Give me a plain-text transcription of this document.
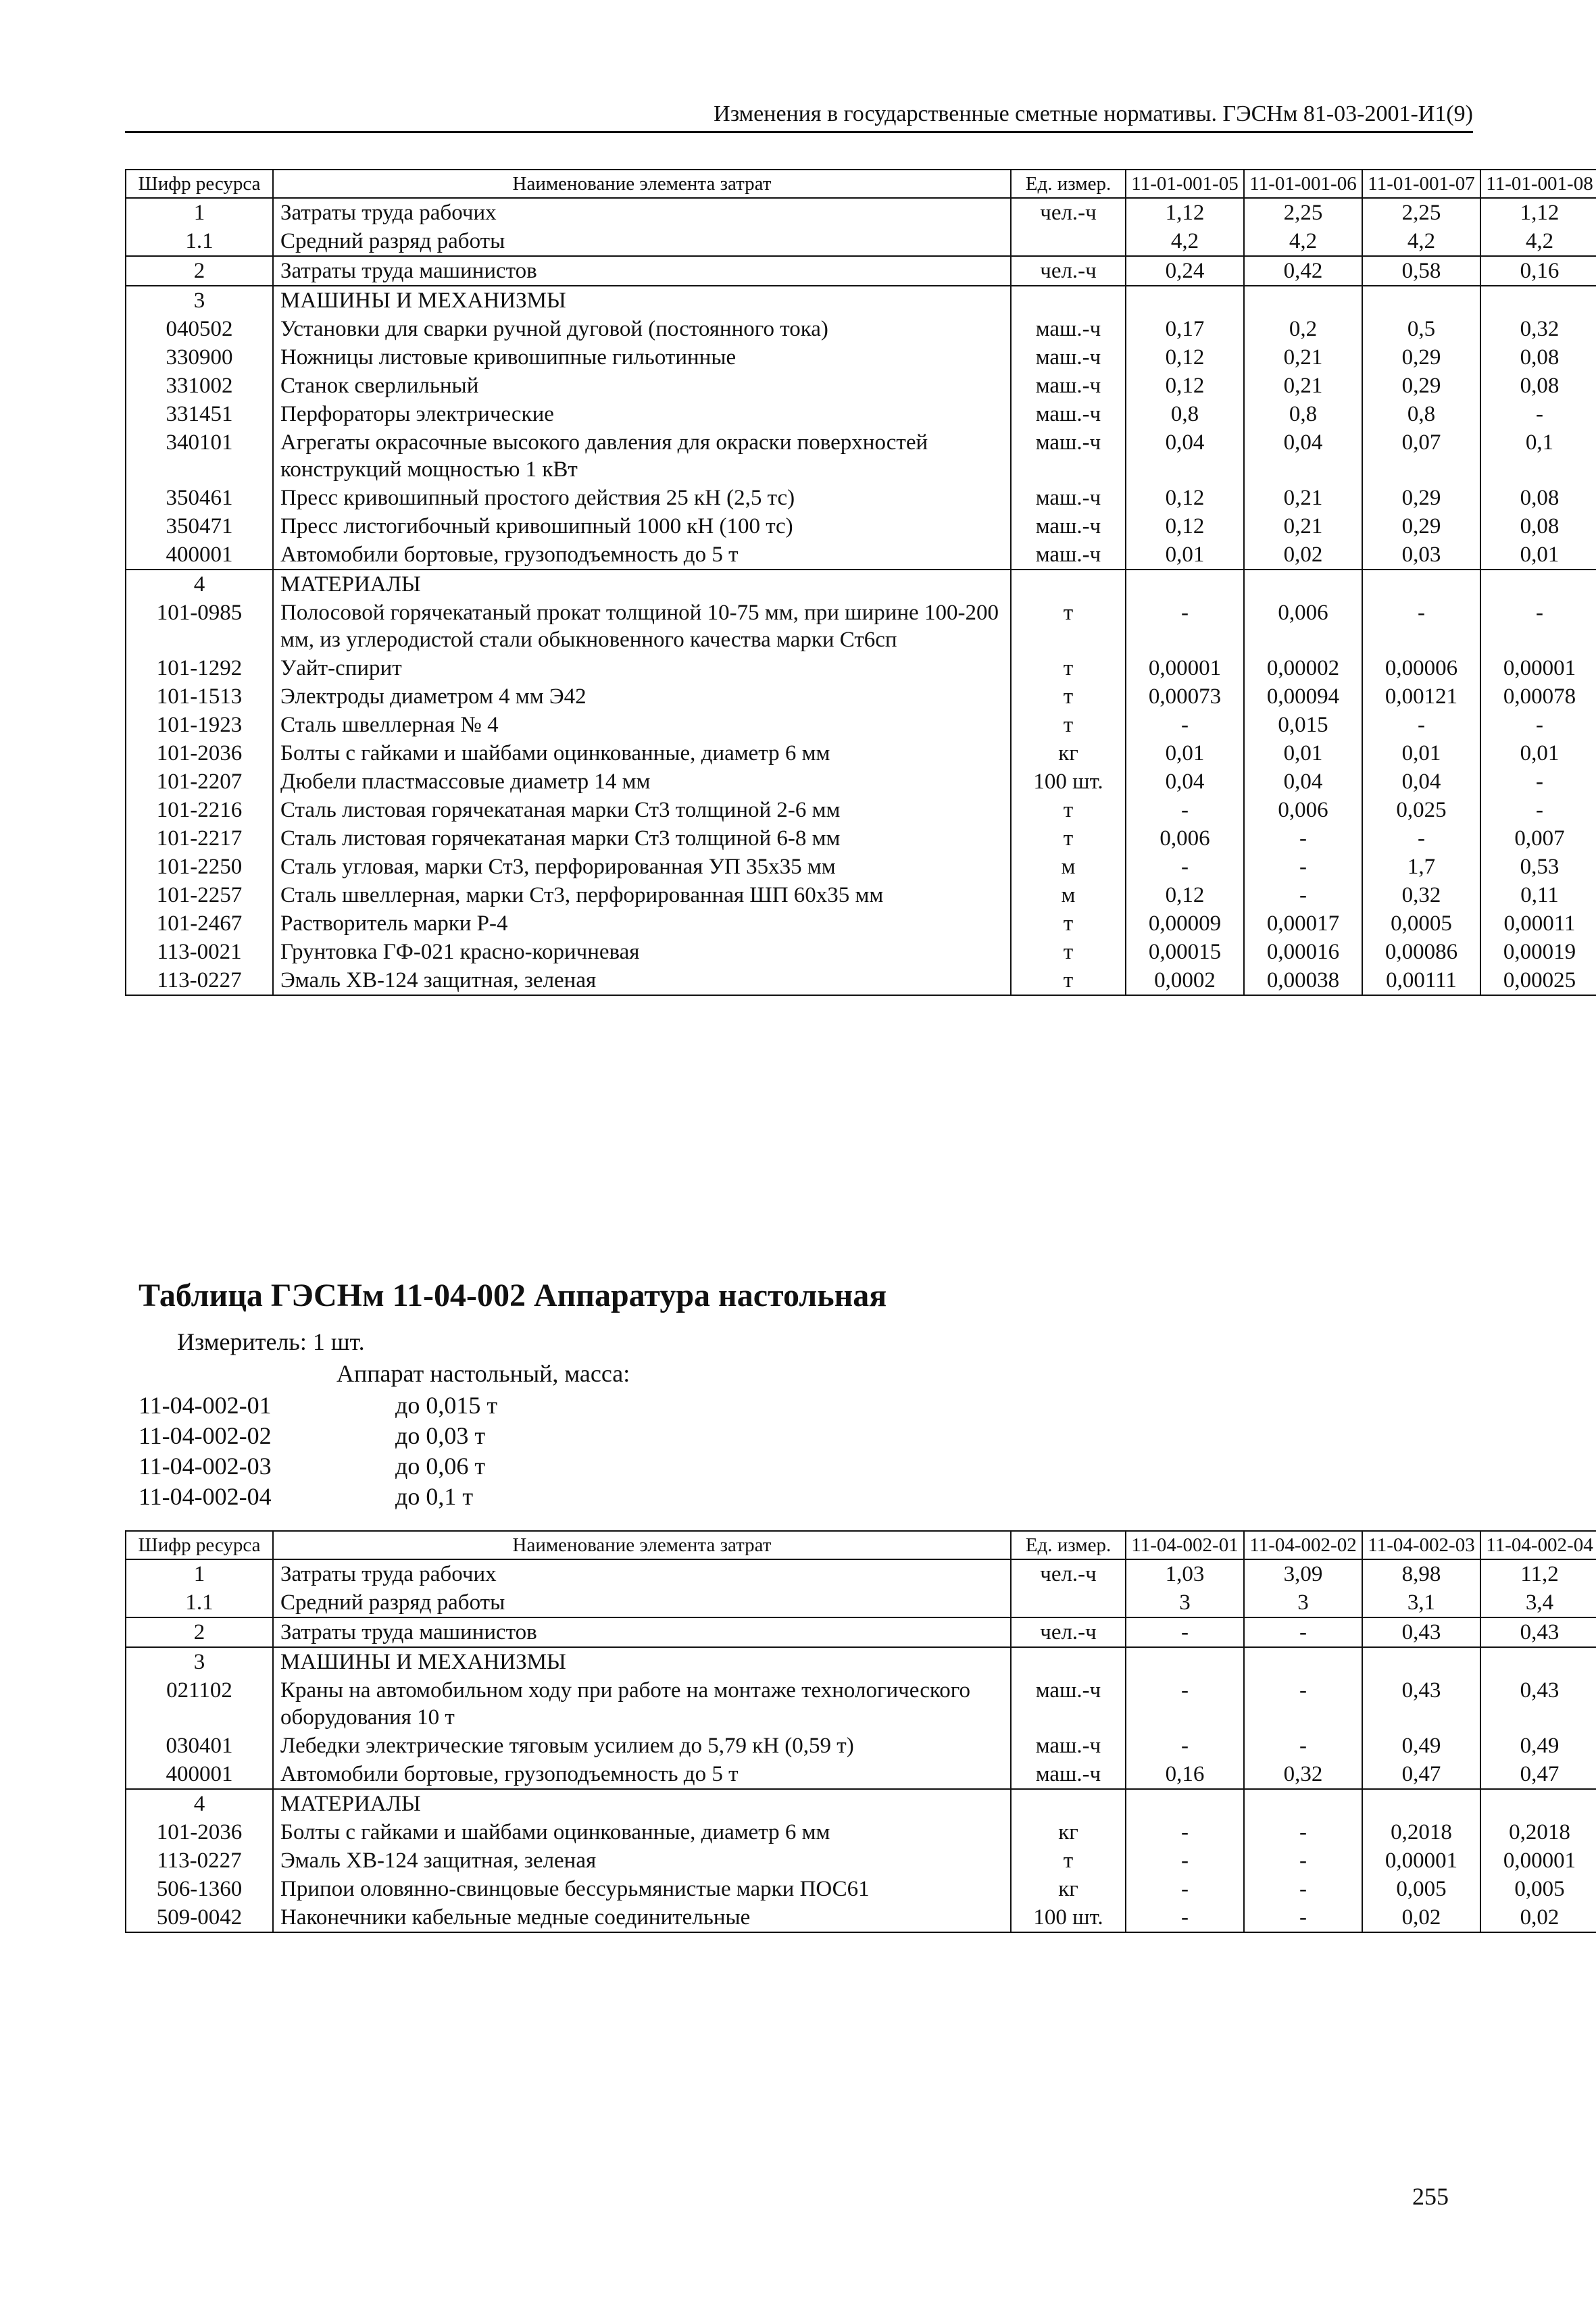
Изменения в государственные сметные нормативы. ГЭСНм 81-03-2001-И1(9)
Шифр ресурса	Наименование элемента затрат	Ед. измер.	11-01-001-05	11-01-001-06	11-01-001-07	11-01-001-08
1	Затраты труда рабочих	чел.-ч	1,12	2,25	2,25	1,12
1.1	Средний разряд работы		4,2	4,2	4,2	4,2
2	Затраты труда машинистов	чел.-ч	0,24	0,42	0,58	0,16
3	МАШИНЫ И МЕХАНИЗМЫ					
040502	Установки для сварки ручной дуговой (постоянного тока)	маш.-ч	0,17	0,2	0,5	0,32
330900	Ножницы листовые кривошипные гильотинные	маш.-ч	0,12	0,21	0,29	0,08
331002	Станок сверлильный	маш.-ч	0,12	0,21	0,29	0,08
331451	Перфораторы электрические	маш.-ч	0,8	0,8	0,8	-
340101	Агрегаты окрасочные высокого давления для окраски поверхностей конструкций мощностью 1 кВт	маш.-ч	0,04	0,04	0,07	0,1
350461	Пресс кривошипный простого действия 25 кН (2,5 тс)	маш.-ч	0,12	0,21	0,29	0,08
350471	Пресс листогибочный кривошипный 1000 кН (100 тс)	маш.-ч	0,12	0,21	0,29	0,08
400001	Автомобили бортовые, грузоподъемность до 5 т	маш.-ч	0,01	0,02	0,03	0,01
4	МАТЕРИАЛЫ					
101-0985	Полосовой горячекатаный прокат толщиной 10-75 мм, при ширине 100-200 мм, из углеродистой стали обыкновенного качества марки Ст6сп	т	-	0,006	-	-
101-1292	Уайт-спирит	т	0,00001	0,00002	0,00006	0,00001
101-1513	Электроды диаметром 4 мм Э42	т	0,00073	0,00094	0,00121	0,00078
101-1923	Сталь швеллерная № 4	т	-	0,015	-	-
101-2036	Болты с гайками и шайбами оцинкованные, диаметр 6 мм	кг	0,01	0,01	0,01	0,01
101-2207	Дюбели пластмассовые диаметр 14 мм	100 шт.	0,04	0,04	0,04	-
101-2216	Сталь листовая горячекатаная марки Ст3 толщиной 2-6 мм	т	-	0,006	0,025	-
101-2217	Сталь листовая горячекатаная марки Ст3 толщиной 6-8 мм	т	0,006	-	-	0,007
101-2250	Сталь угловая, марки Ст3, перфорированная УП 35х35 мм	м	-	-	1,7	0,53
101-2257	Сталь швеллерная, марки Ст3, перфорированная ШП 60х35 мм	м	0,12	-	0,32	0,11
101-2467	Растворитель марки Р-4	т	0,00009	0,00017	0,0005	0,00011
113-0021	Грунтовка ГФ-021 красно-коричневая	т	0,00015	0,00016	0,00086	0,00019
113-0227	Эмаль ХВ-124 защитная, зеленая	т	0,0002	0,00038	0,00111	0,00025
Таблица ГЭСНм 11-04-002 Аппаратура настольная
Измеритель: 1 шт.
Аппарат настольный, масса:
11-04-002-01	до 0,015 т
11-04-002-02	до 0,03 т
11-04-002-03	до 0,06 т
11-04-002-04	до 0,1 т
Шифр ресурса	Наименование элемента затрат	Ед. измер.	11-04-002-01	11-04-002-02	11-04-002-03	11-04-002-04
1	Затраты труда рабочих	чел.-ч	1,03	3,09	8,98	11,2
1.1	Средний разряд работы		3	3	3,1	3,4
2	Затраты труда машинистов	чел.-ч	-	-	0,43	0,43
3	МАШИНЫ И МЕХАНИЗМЫ					
021102	Краны на автомобильном ходу при работе на монтаже технологического оборудования 10 т	маш.-ч	-	-	0,43	0,43
030401	Лебедки электрические тяговым усилием до 5,79 кН (0,59 т)	маш.-ч	-	-	0,49	0,49
400001	Автомобили бортовые, грузоподъемность до 5 т	маш.-ч	0,16	0,32	0,47	0,47
4	МАТЕРИАЛЫ					
101-2036	Болты с гайками и шайбами оцинкованные, диаметр 6 мм	кг	-	-	0,2018	0,2018
113-0227	Эмаль ХВ-124 защитная, зеленая	т	-	-	0,00001	0,00001
506-1360	Припои оловянно-свинцовые бессурьмянистые марки ПОС61	кг	-	-	0,005	0,005
509-0042	Наконечники кабельные медные соединительные	100 шт.	-	-	0,02	0,02
255
